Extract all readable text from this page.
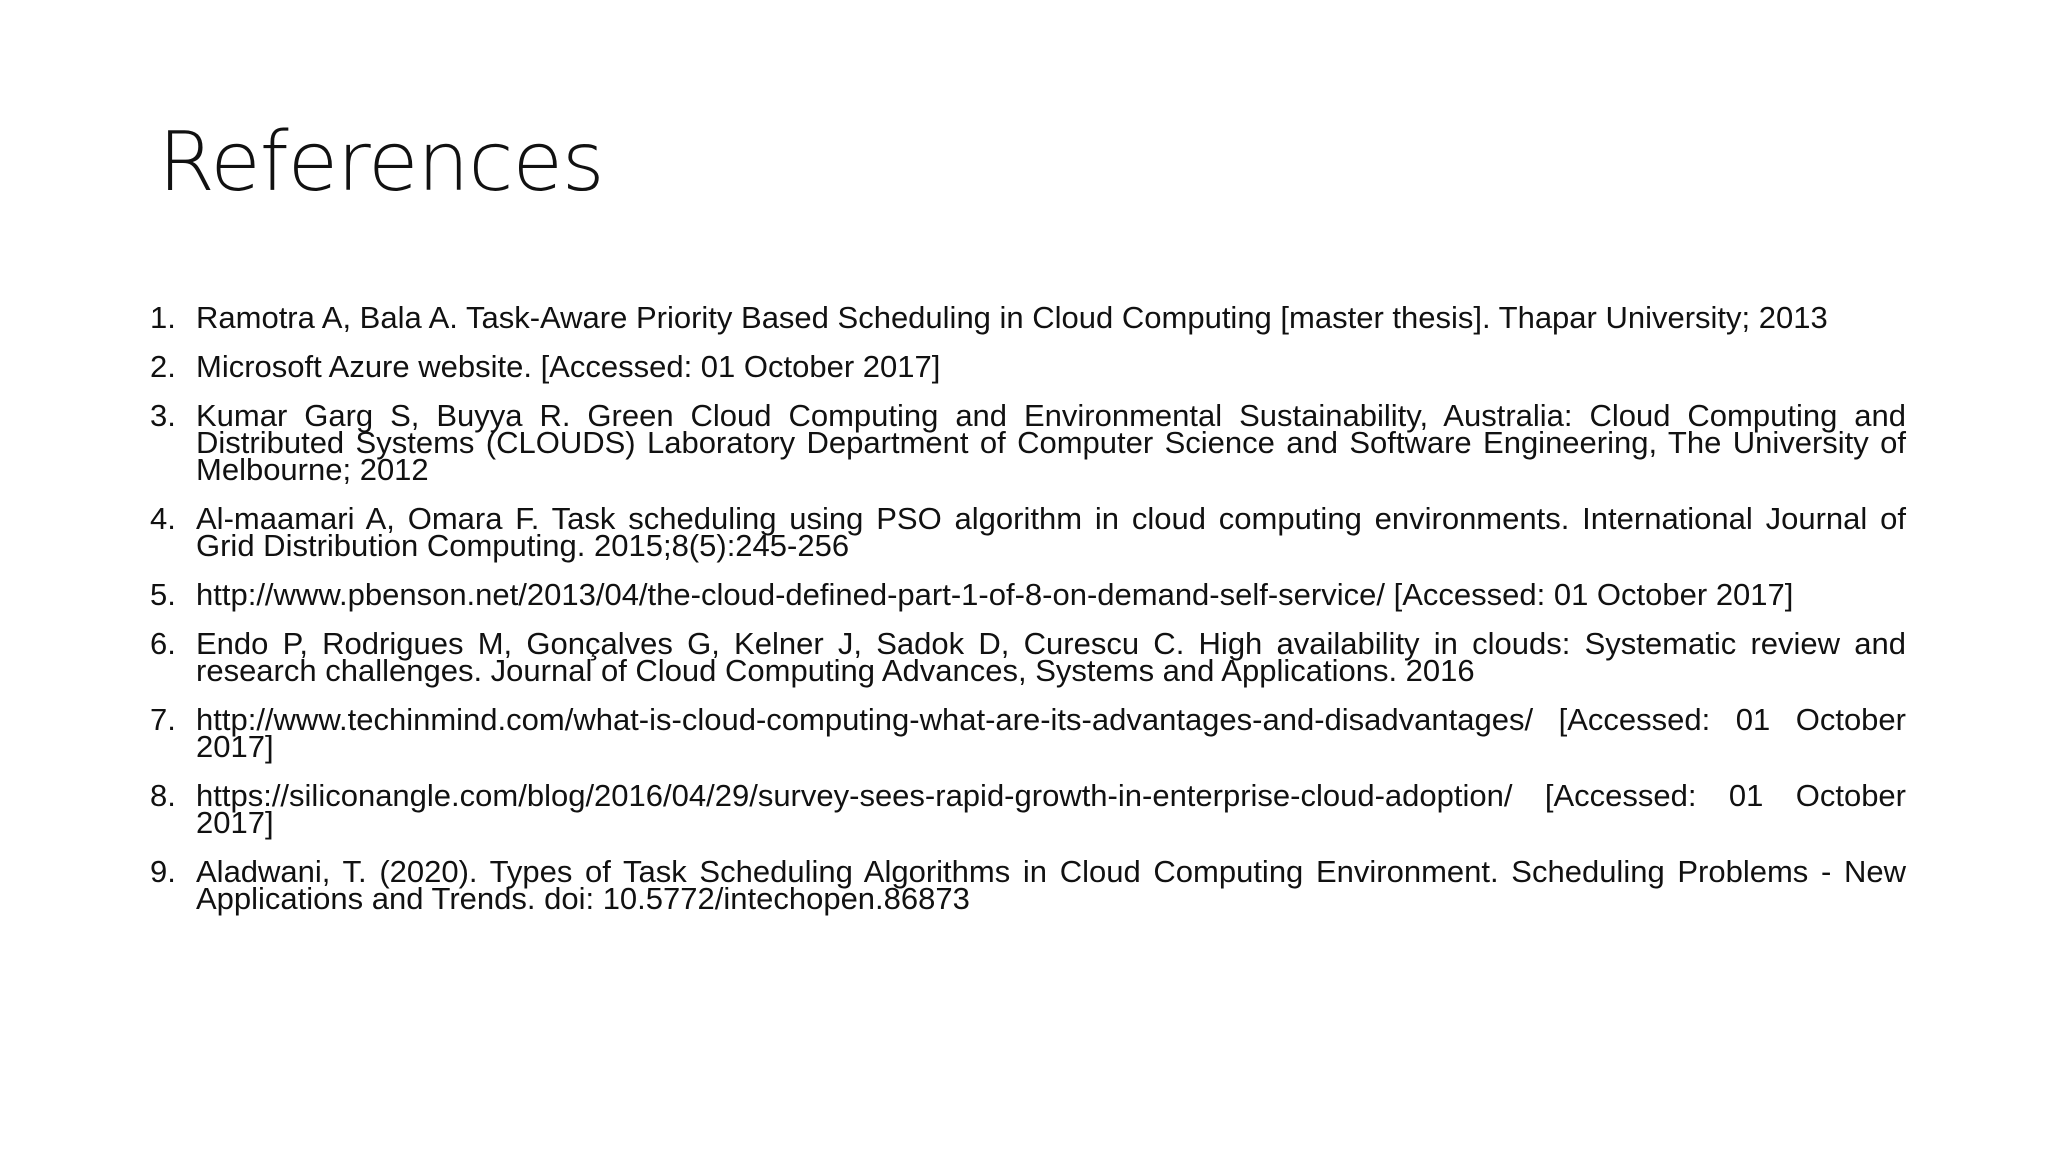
References
1. Ramotra A, Bala A. Task-Aware Priority Based Scheduling in Cloud Computing [master thesis]. Thapar University; 2013
2. Microsoft Azure website. [Accessed: 01 October 2017]
3. Kumar Garg S, Buyya R. Green Cloud Computing and Environmental Sustainability, Australia: Cloud Computing and Distributed Systems (CLOUDS) Laboratory Department of Computer Science and Software Engineering, The University of Melbourne; 2012
4. Al-maamari A, Omara F. Task scheduling using PSO algorithm in cloud computing environments. International Journal of Grid Distribution Computing. 2015;8(5):245-256
5. http://www.pbenson.net/2013/04/the-cloud-defined-part-1-of-8-on-demand-self-service/ [Accessed: 01 October 2017]
6. Endo P, Rodrigues M, Gonçalves G, Kelner J, Sadok D, Curescu C. High availability in clouds: Systematic review and research challenges. Journal of Cloud Computing Advances, Systems and Applications. 2016
7. http://www.techinmind.com/what-is-cloud-computing-what-are-its-advantages-and-disadvantages/ [Accessed: 01 October 2017]
8. https://siliconangle.com/blog/2016/04/29/survey-sees-rapid-growth-in-enterprise-cloud-adoption/ [Accessed: 01 October 2017]
9. Aladwani, T. (2020). Types of Task Scheduling Algorithms in Cloud Computing Environment. Scheduling Problems - New Applications and Trends. doi: 10.5772/intechopen.86873
